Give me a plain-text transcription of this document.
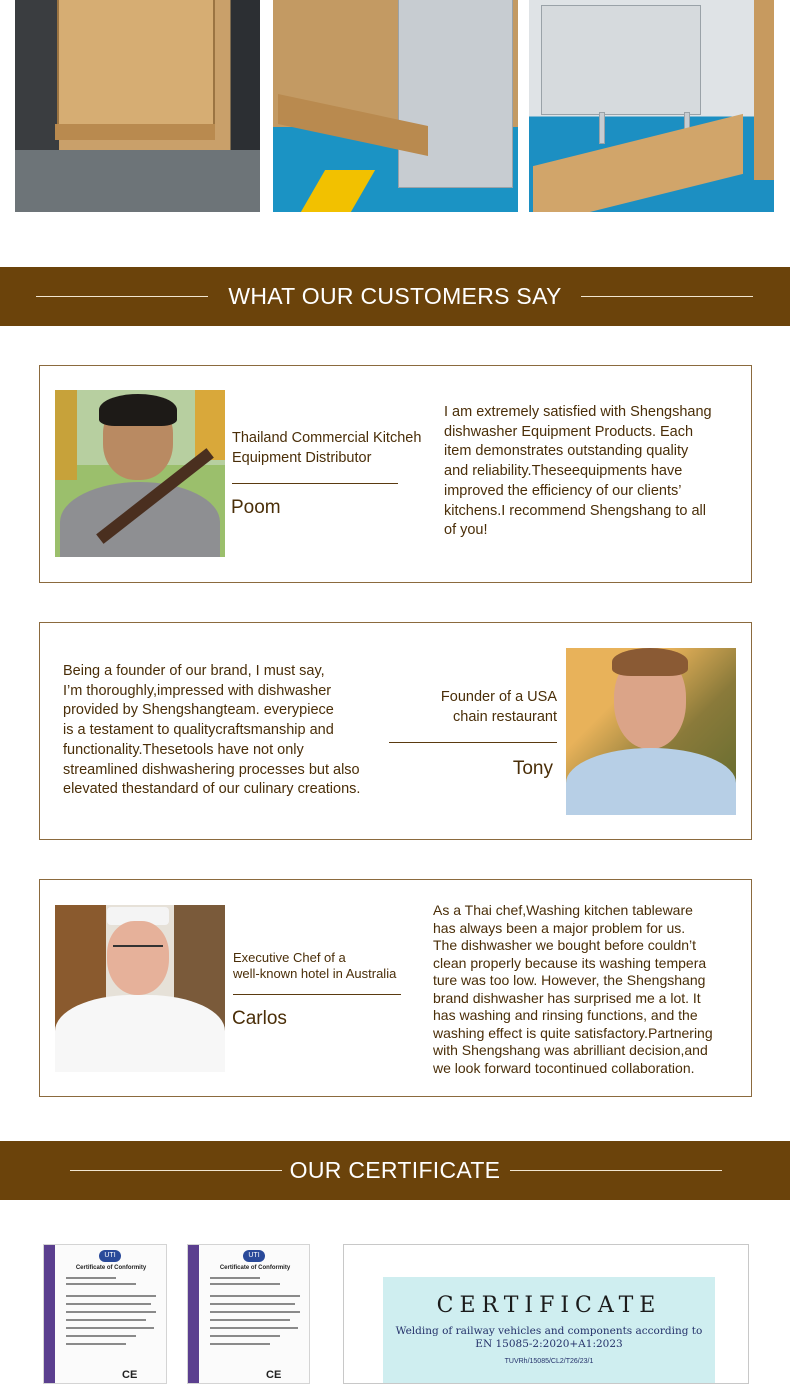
WHAT OUR CUSTOMERS SAY
Thailand Commercial Kitcheh
Equipment Distributor
Poom
I am extremely satisfied with Shengshang
dishwasher Equipment Products. Each
item demonstrates outstanding quality
and reliability.Theseequipments have
improved the efficiency of our clients’
kitchens.I recommend Shengshang to all
of you!
Being a founder of our brand, I must say,
I’m thoroughly,impressed with dishwasher
provided by Shengshangteam. everypiece
is a testament to qualitycraftsmanship and
functionality.Thesetools have not only
streamlined dishwashering processes but also
elevated thestandard of our culinary creations.
Founder of a USA
chain restaurant
Tony
Executive Chef of a
well-known hotel in Australia
Carlos
As a Thai chef,Washing kitchen tableware
has always been a major problem for us.
The dishwasher we bought before couldn’t
clean properly because its washing tempera
ture was too low. However, the Shengshang
brand dishwasher has surprised me a lot. It
has washing and rinsing functions, and the
washing effect is quite satisfactory.Partnering
with Shengshang was abrilliant decision,and
we look forward tocontinued collaboration.
OUR CERTIFICATE
UTI
Certificate of Conformity
CE
UTI
Certificate of Conformity
CE
CERTIFICATE
Welding of railway vehicles and components according to
EN 15085-2:2020+A1:2023
TUVRh/15085/CL2/T26/23/1
